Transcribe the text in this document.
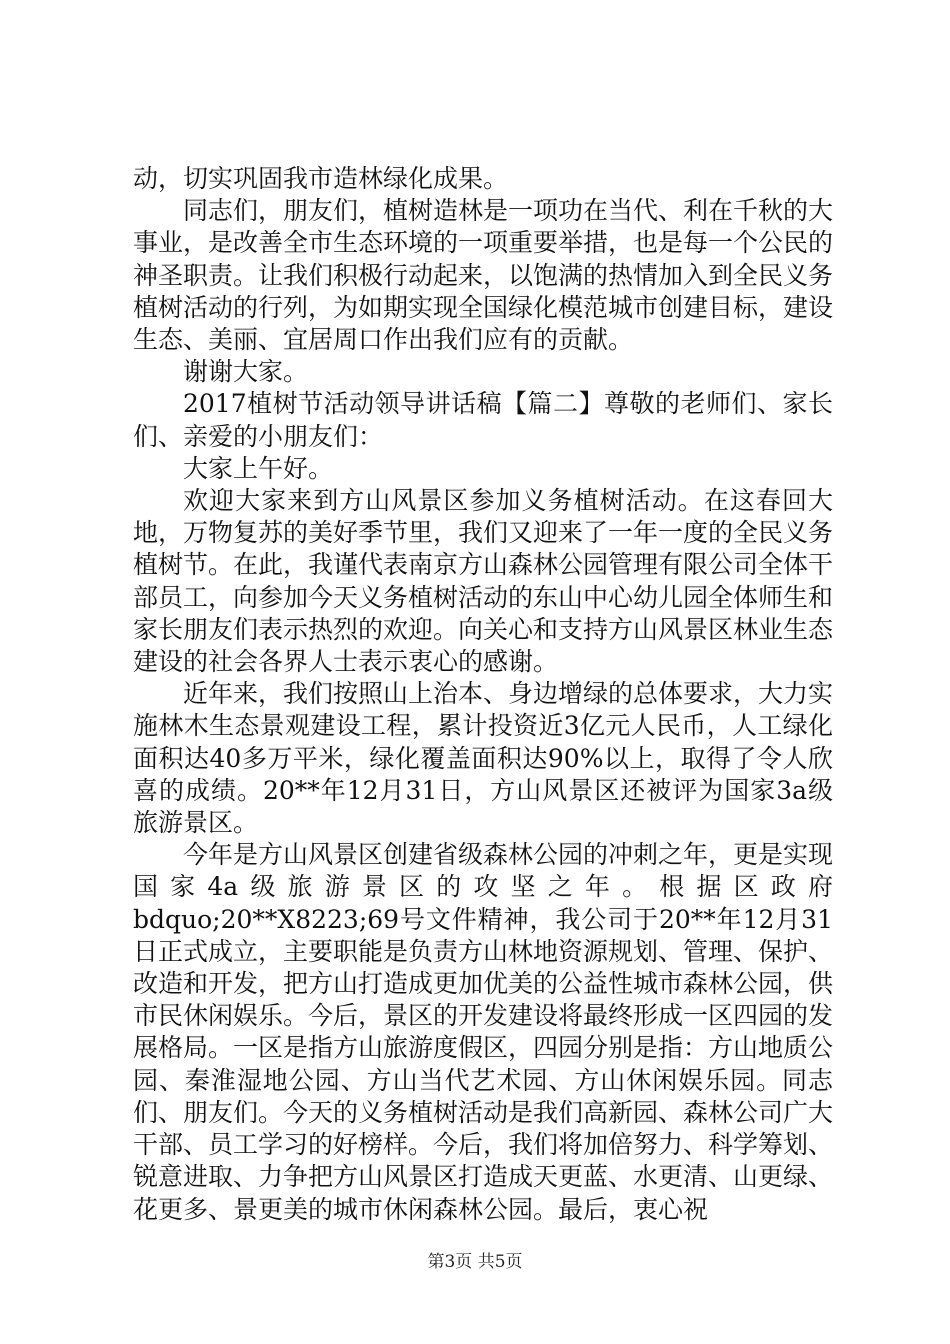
动，切实巩固我市造林绿化成果。

同志们，朋友们，植树造林是一项功在当代、利在千秋的大事业，是改善全市生态环境的一项重要举措，也是每一个公民的神圣职责。让我们积极行动起来，以饱满的热情加入到全民义务植树活动的行列，为如期实现全国绿化模范城市创建目标，建设生态、美丽、宜居周口作出我们应有的贡献。

谢谢大家。

2017植树节活动领导讲话稿【篇二】尊敬的老师们、家长们、亲爱的小朋友们：

大家上午好。

欢迎大家来到方山风景区参加义务植树活动。在这春回大地，万物复苏的美好季节里，我们又迎来了一年一度的全民义务植树节。在此，我谨代表南京方山森林公园管理有限公司全体干部员工，向参加今天义务植树活动的东山中心幼儿园全体师生和家长朋友们表示热烈的欢迎。向关心和支持方山风景区林业生态建设的社会各界人士表示衷心的感谢。

近年来，我们按照山上治本、身边增绿的总体要求，大力实施林木生态景观建设工程，累计投资近3亿元人民币，人工绿化面积达40多万平米，绿化覆盖面积达90%以上，取得了令人欣喜的成绩。20**年12月31日，方山风景区还被评为国家3a级旅游景区。

今年是方山风景区创建省级森林公园的冲刺之年，更是实现国家4a级旅游景区的攻坚之年。根据区政府bdquo;20**X8223;69号文件精神，我公司于20**年12月31日正式成立，主要职能是负责方山林地资源规划、管理、保护、改造和开发，把方山打造成更加优美的公益性城市森林公园，供市民休闲娱乐。今后，景区的开发建设将最终形成一区四园的发展格局。一区是指方山旅游度假区，四园分别是指：方山地质公园、秦淮湿地公园、方山当代艺术园、方山休闲娱乐园。同志们、朋友们。今天的义务植树活动是我们高新园、森林公司广大干部、员工学习的好榜样。今后，我们将加倍努力、科学筹划、锐意进取、力争把方山风景区打造成天更蓝、水更清、山更绿、花更多、景更美的城市休闲森林公园。最后，衷心祝

第3页 共5页
